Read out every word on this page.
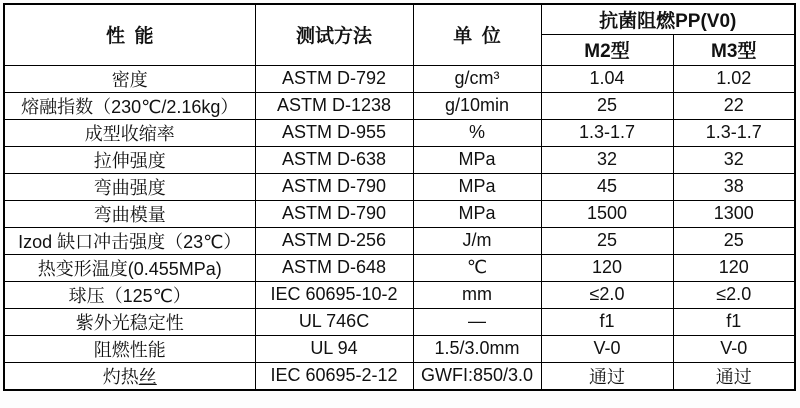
性 能	测试方法	单 位	抗菌阻燃PP(V0)	
			M2型	M3型
密度	ASTM D-792	g/cm³	1.04	1.02
熔融指数（230℃/2.16kg）	ASTM D-1238	g/10min	25	22
成型收缩率	ASTM D-955	%	1.3-1.7	1.3-1.7
拉伸强度	ASTM D-638	MPa	32	32
弯曲强度	ASTM D-790	MPa	45	38
弯曲模量	ASTM D-790	MPa	1500	1300
Izod 缺口冲击强度（23℃）	ASTM D-256	J/m	25	25
热变形温度(0.455MPa)	ASTM D-648	℃	120	120
球压（125℃）	IEC 60695-10-2	mm	≤2.0	≤2.0
紫外光稳定性	UL 746C	—	f1	f1
阻燃性能	UL 94	1.5/3.0mm	V-0	V-0
灼热丝	IEC 60695-2-12	GWFI:850/3.0	通过	通过
